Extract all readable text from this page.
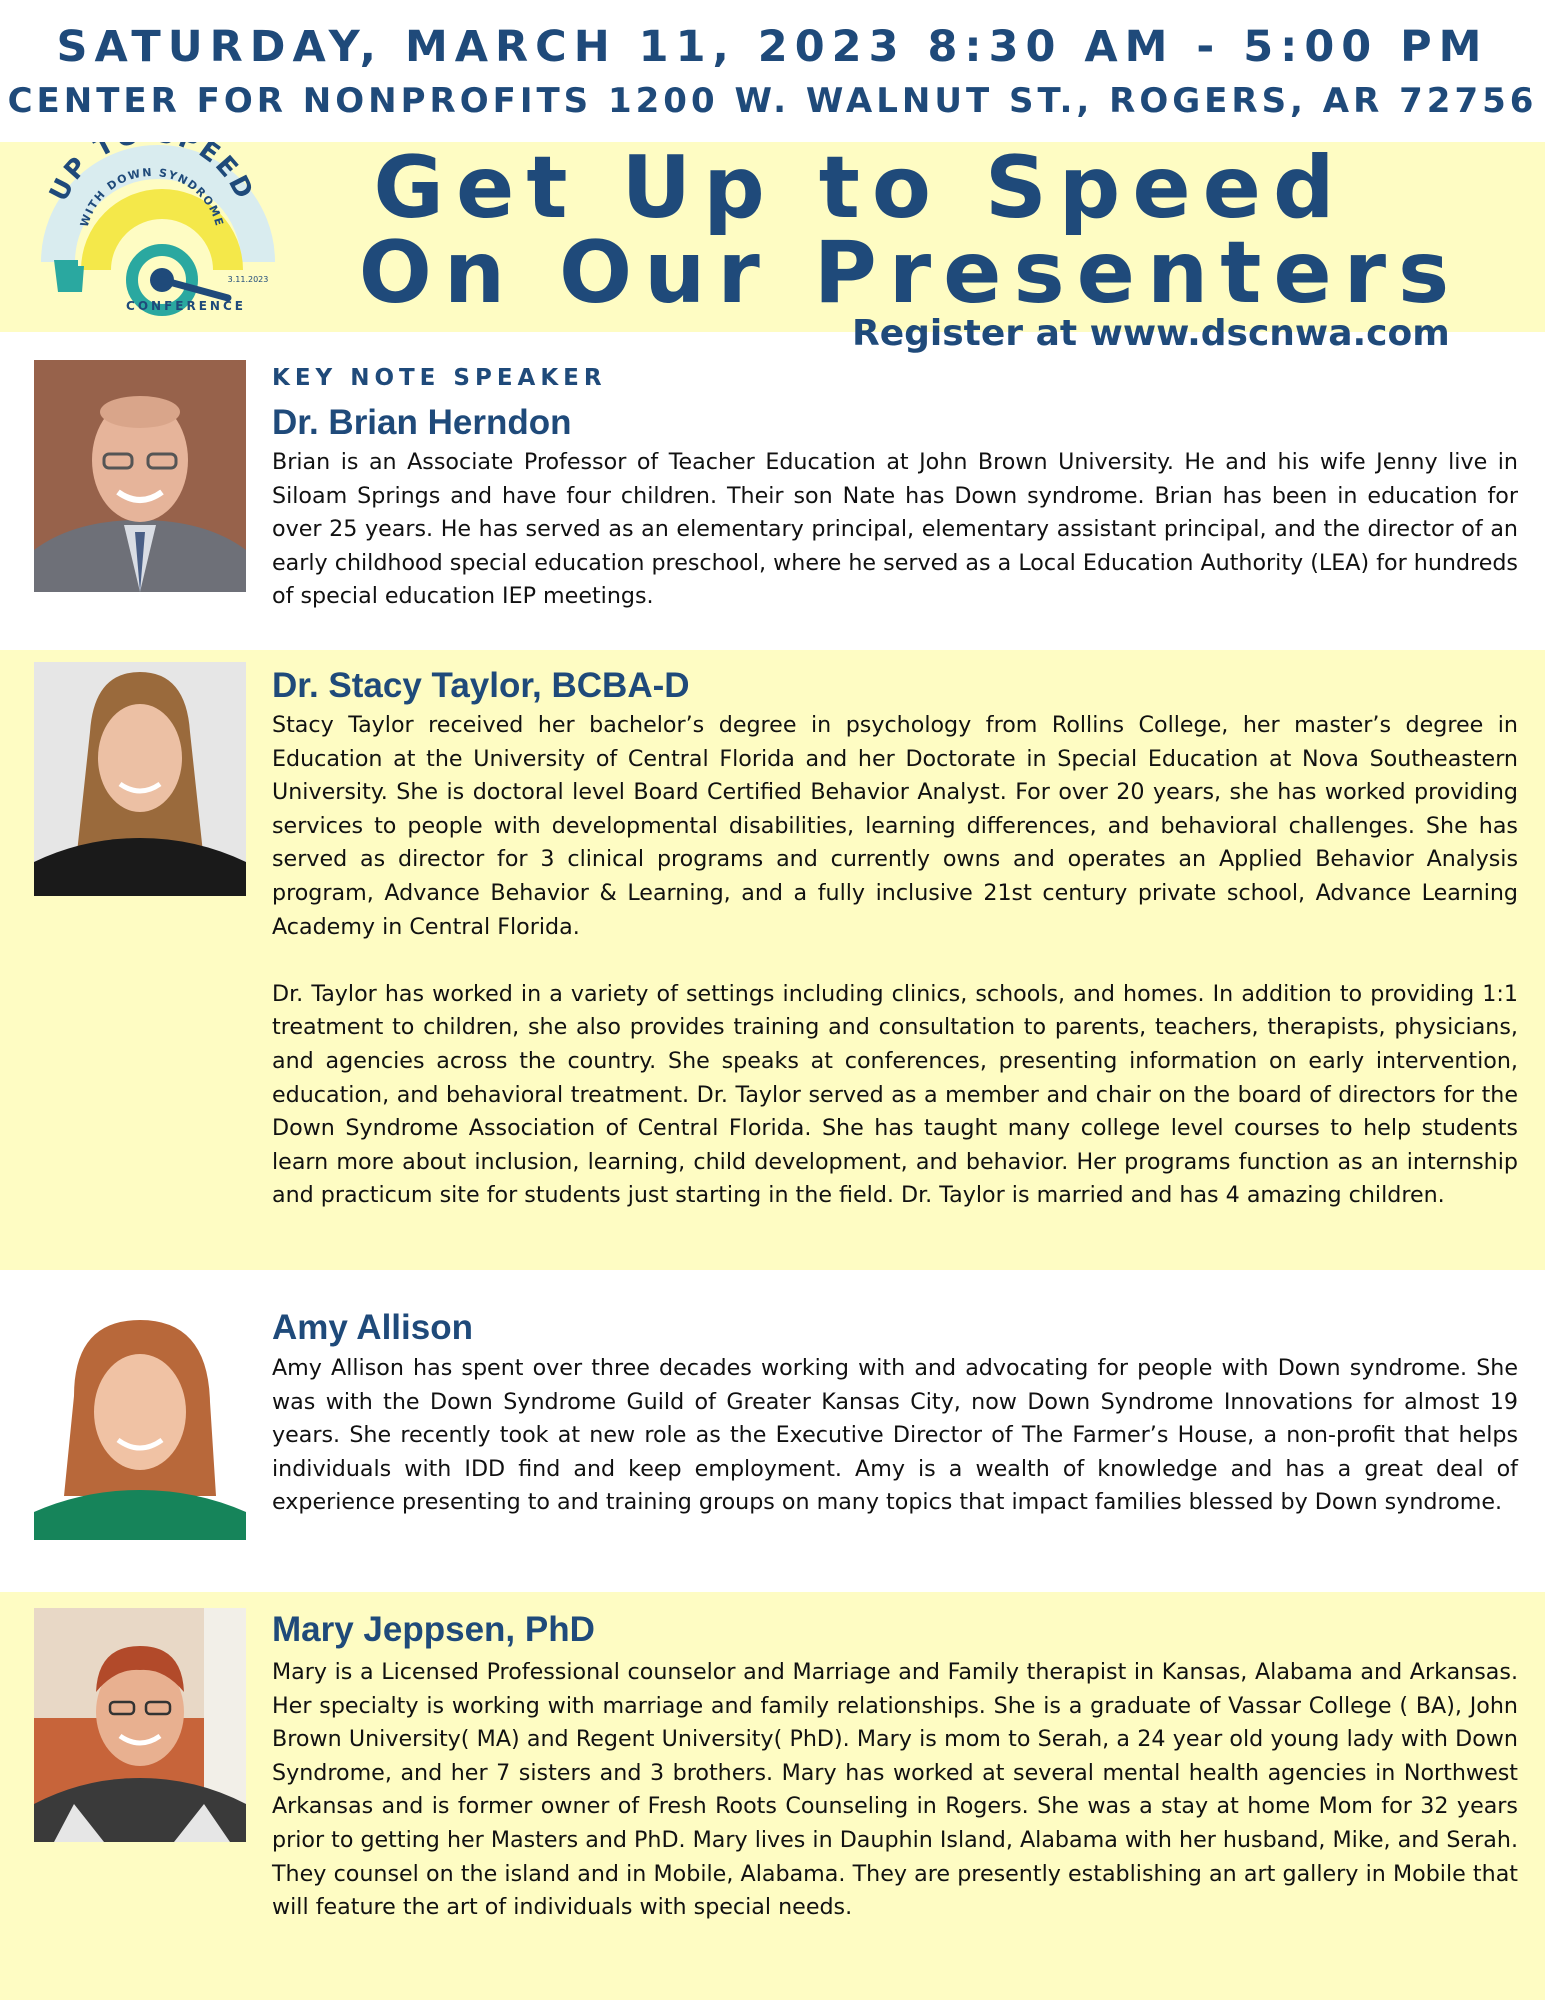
SATURDAY, MARCH 11, 2023 8:30 AM - 5:00 PM
CENTER FOR NONPROFITS 1200 W. WALNUT ST., ROGERS, AR 72756
UP T EED
WITH DOWN SYNDROME
3.11.2023
CONFERENCE
Get Up to Speed
On Our Presenters
Register at www.dscnwa.com
KEY NOTE SPEAKER
Dr. Brian Herndon

Brian is an Associate Professor of Teacher Education at John Brown University. He and his wife Jenny live in Siloam Springs and have four children. Their son Nate has Down syndrome. Brian has been in education for over 25 years. He has served as an elementary principal, elementary assistant principal, and the director of an early childhood special education preschool, where he served as a Local Education Authority (LEA) for hundreds of special education IEP meetings.

Dr. Stacy Taylor, BCBA-D

Stacy Taylor received her bachelor’s degree in psychology from Rollins College, her master’s degree in Education at the University of Central Florida and her Doctorate in Special Education at Nova Southeastern University. She is doctoral level Board Certified Behavior Analyst. For over 20 years, she has worked providing services to people with developmental disabilities, learning differences, and behavioral challenges. She has served as director for 3 clinical programs and currently owns and operates an Applied Behavior Analysis program, Advance Behavior & Learning, and a fully inclusive 21st century private school, Advance Learning Academy in Central Florida.

Dr. Taylor has worked in a variety of settings including clinics, schools, and homes. In addition to providing 1:1 treatment to children, she also provides training and consultation to parents, teachers, therapists, physicians, and agencies across the country. She speaks at conferences, presenting information on early intervention, education, and behavioral treatment. Dr. Taylor served as a member and chair on the board of directors for the Down Syndrome Association of Central Florida. She has taught many college level courses to help students learn more about inclusion, learning, child development, and behavior. Her programs function as an internship and practicum site for students just starting in the field. Dr. Taylor is married and has 4 amazing children.

Amy Allison

Amy Allison has spent over three decades working with and advocating for people with Down syndrome. She was with the Down Syndrome Guild of Greater Kansas City, now Down Syndrome Innovations for almost 19 years. She recently took at new role as the Executive Director of The Farmer’s House, a non-profit that helps individuals with IDD find and keep employment. Amy is a wealth of knowledge and has a great deal of experience presenting to and training groups on many topics that impact families blessed by Down syndrome.

Mary Jeppsen, PhD

Mary is a Licensed Professional counselor and Marriage and Family therapist in Kansas, Alabama and Arkansas. Her specialty is working with marriage and family relationships. She is a graduate of Vassar College ( BA), John Brown University( MA) and Regent University( PhD). Mary is mom to Serah, a 24 year old young lady with Down Syndrome, and her 7 sisters and 3 brothers. Mary has worked at several mental health agencies in Northwest Arkansas and is former owner of Fresh Roots Counseling in Rogers. She was a stay at home Mom for 32 years prior to getting her Masters and PhD. Mary lives in Dauphin Island, Alabama with her husband, Mike, and Serah. They counsel on the island and in Mobile, Alabama. They are presently establishing an art gallery in Mobile that will feature the art of individuals with special needs.
